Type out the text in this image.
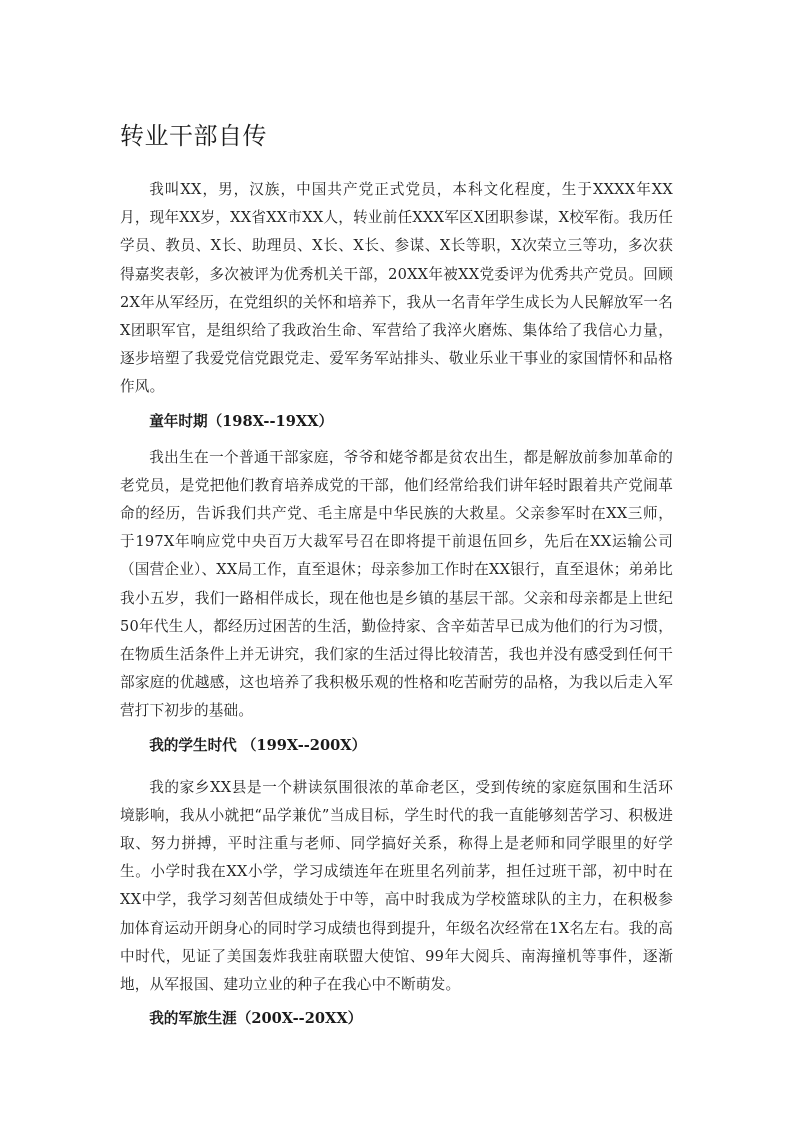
转业干部自传

我叫XX，男，汉族，中国共产党正式党员，本科文化程度，生于XXXX年XX月，现年XX岁，XX省XX市XX人，转业前任XXX军区X团职参谋，X校军衔。我历任学员、教员、X长、助理员、X长、X长、参谋、X长等职，X次荣立三等功，多次获得嘉奖表彰，多次被评为优秀机关干部，20XX年被XX党委评为优秀共产党员。回顾2X年从军经历，在党组织的关怀和培养下，我从一名青年学生成长为人民解放军一名X团职军官，是组织给了我政治生命、军营给了我淬火磨炼、集体给了我信心力量，逐步培塑了我爱党信党跟党走、爱军务军站排头、敬业乐业干事业的家国情怀和品格作风。

童年时期（198X--19XX）

我出生在一个普通干部家庭，爷爷和姥爷都是贫农出生，都是解放前参加革命的老党员，是党把他们教育培养成党的干部，他们经常给我们讲年轻时跟着共产党闹革命的经历，告诉我们共产党、毛主席是中华民族的大救星。父亲参军时在XX三师，于197X年响应党中央百万大裁军号召在即将提干前退伍回乡，先后在XX运输公司（国营企业）、XX局工作，直至退休；母亲参加工作时在XX银行，直至退休；弟弟比我小五岁，我们一路相伴成长，现在他也是乡镇的基层干部。父亲和母亲都是上世纪50年代生人，都经历过困苦的生活，勤俭持家、含辛茹苦早已成为他们的行为习惯，在物质生活条件上并无讲究，我们家的生活过得比较清苦，我也并没有感受到任何干部家庭的优越感，这也培养了我积极乐观的性格和吃苦耐劳的品格，为我以后走入军营打下初步的基础。

我的学生时代 （199X--200X）

我的家乡XX县是一个耕读氛围很浓的革命老区，受到传统的家庭氛围和生活环境影响，我从小就把“品学兼优”当成目标，学生时代的我一直能够刻苦学习、积极进取、努力拼搏，平时注重与老师、同学搞好关系，称得上是老师和同学眼里的好学生。小学时我在XX小学，学习成绩连年在班里名列前茅，担任过班干部，初中时在XX中学，我学习刻苦但成绩处于中等，高中时我成为学校篮球队的主力，在积极参加体育运动开朗身心的同时学习成绩也得到提升，年级名次经常在1X名左右。我的高中时代，见证了美国轰炸我驻南联盟大使馆、99年大阅兵、南海撞机等事件，逐渐地，从军报国、建功立业的种子在我心中不断萌发。

我的军旅生涯（200X--20XX）
